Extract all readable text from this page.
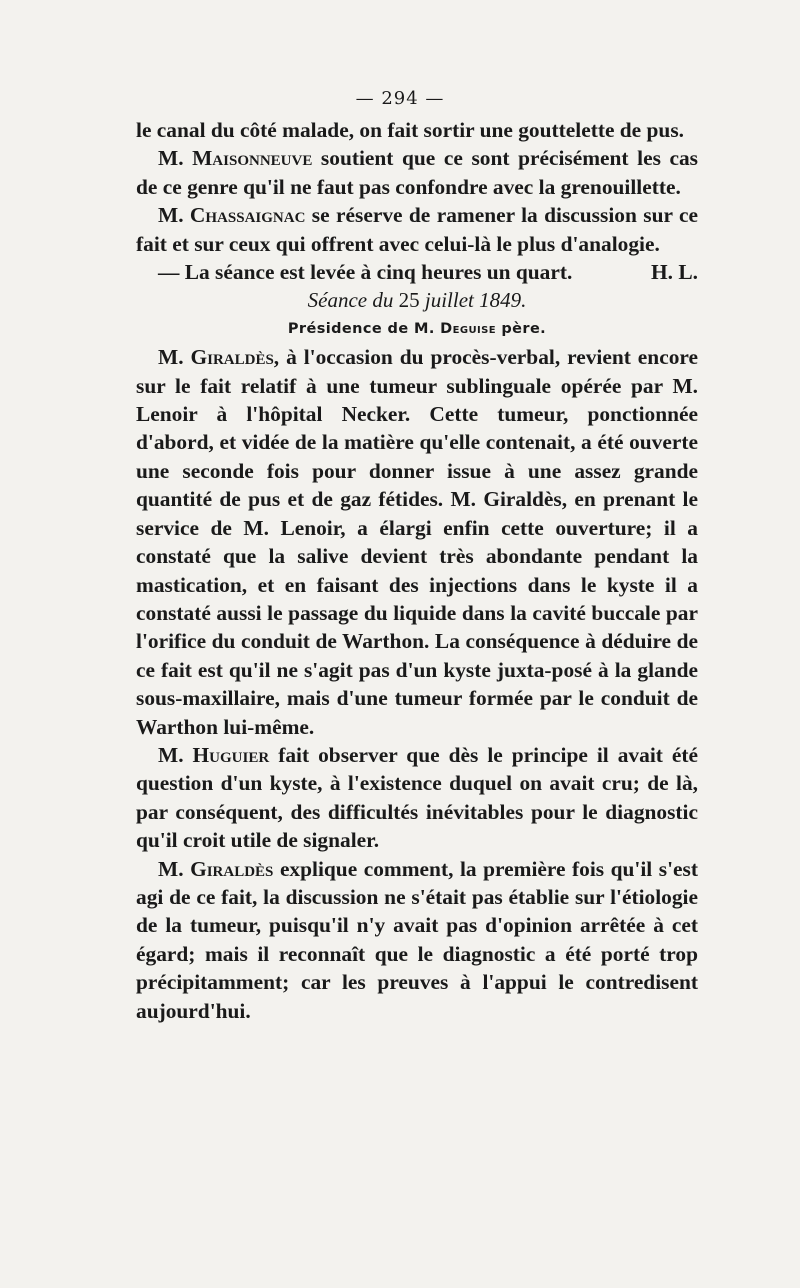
— 294 —

le canal du côté malade, on fait sortir une gouttelette de pus.

M. Maisonneuve soutient que ce sont précisément les cas de ce genre qu'il ne faut pas confondre avec la grenouillette.

M. Chassaignac se réserve de ramener la discussion sur ce fait et sur ceux qui offrent avec celui-là le plus d'analogie.

— La séance est levée à cinq heures un quart.	H. L.

Séance du 25 juillet 1849.

Présidence de M. Deguise père.

M. Giraldès, à l'occasion du procès-verbal, revient encore sur le fait relatif à une tumeur sublinguale opérée par M. Lenoir à l'hôpital Necker. Cette tumeur, ponctionnée d'abord, et vidée de la matière qu'elle contenait, a été ouverte une seconde fois pour donner issue à une assez grande quantité de pus et de gaz fétides. M. Giraldès, en prenant le service de M. Lenoir, a élargi enfin cette ouverture; il a constaté que la salive devient très abondante pendant la mastication, et en faisant des injections dans le kyste il a constaté aussi le passage du liquide dans la cavité buccale par l'orifice du conduit de Warthon. La conséquence à déduire de ce fait est qu'il ne s'agit pas d'un kyste juxta-posé à la glande sous-maxillaire, mais d'une tumeur formée par le conduit de Warthon lui-même.

M. Huguier fait observer que dès le principe il avait été question d'un kyste, à l'existence duquel on avait cru; de là, par conséquent, des difficultés inévitables pour le diagnostic qu'il croit utile de signaler.

M. Giraldès explique comment, la première fois qu'il s'est agi de ce fait, la discussion ne s'était pas établie sur l'étiologie de la tumeur, puisqu'il n'y avait pas d'opinion arrêtée à cet égard; mais il reconnaît que le diagnostic a été porté trop précipitamment; car les preuves à l'appui le contredisent aujourd'hui.
